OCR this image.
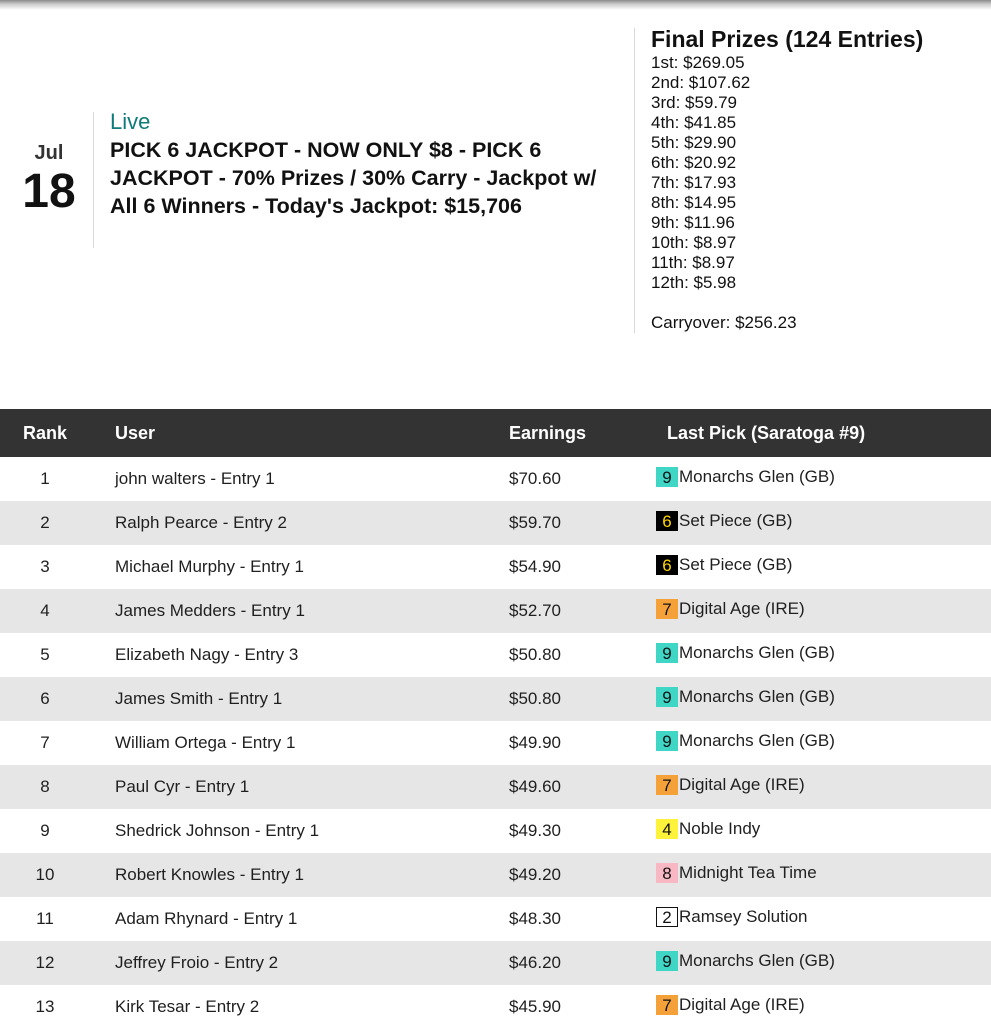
Jul
18
Live
PICK 6 JACKPOT - NOW ONLY $8 - PICK 6 JACKPOT - 70% Prizes / 30% Carry - Jackpot w/ All 6 Winners - Today's Jackpot: $15,706
Final Prizes (124 Entries)
1st: $269.05
2nd: $107.62
3rd: $59.79
4th: $41.85
5th: $29.90
6th: $20.92
7th: $17.93
8th: $14.95
9th: $11.96
10th: $8.97
11th: $8.97
12th: $5.98
Carryover: $256.23
Rank	User	Earnings	Last Pick (Saratoga #9)
1	john walters - Entry 1	$70.60	9 Monarchs Glen (GB)

2	Ralph Pearce - Entry 2	$59.70	6 Set Piece (GB)

3	Michael Murphy - Entry 1	$54.90	6 Set Piece (GB)

4	James Medders - Entry 1	$52.70	7 Digital Age (IRE)

5	Elizabeth Nagy - Entry 3	$50.80	9 Monarchs Glen (GB)

6	James Smith - Entry 1	$50.80	9 Monarchs Glen (GB)

7	William Ortega - Entry 1	$49.90	9 Monarchs Glen (GB)

8	Paul Cyr - Entry 1	$49.60	7 Digital Age (IRE)

9	Shedrick Johnson - Entry 1	$49.30	4 Noble Indy

10	Robert Knowles - Entry 1	$49.20	8 Midnight Tea Time

11	Adam Rhynard - Entry 1	$48.30	2 Ramsey Solution

12	Jeffrey Froio - Entry 2	$46.20	9 Monarchs Glen (GB)

13	Kirk Tesar - Entry 2	$45.90	7 Digital Age (IRE)
